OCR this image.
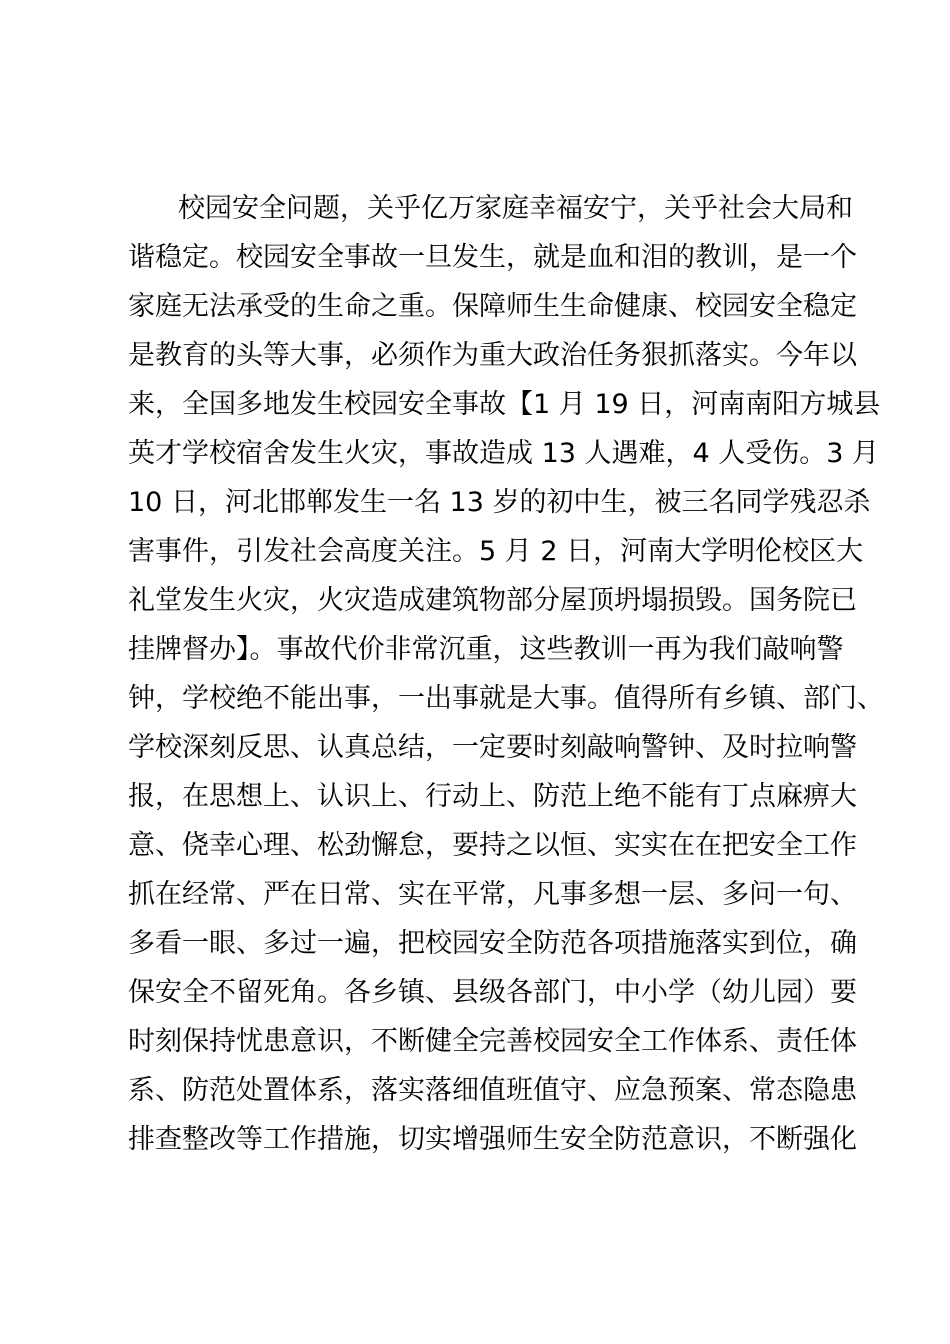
校园安全问题，关乎亿万家庭幸福安宁，关乎社会大局和
谐稳定。校园安全事故一旦发生，就是血和泪的教训，是一个
家庭无法承受的生命之重。保障师生生命健康、校园安全稳定
是教育的头等大事，必须作为重大政治任务狠抓落实。今年以
来，全国多地发生校园安全事故【1 月 19 日，河南南阳方城县
英才学校宿舍发生火灾，事故造成 13 人遇难，4 人受伤。3 月
10 日，河北邯郸发生一名 13 岁的初中生，被三名同学残忍杀
害事件，引发社会高度关注。5 月 2 日，河南大学明伦校区大
礼堂发生火灾，火灾造成建筑物部分屋顶坍塌损毁。国务院已
挂牌督办】。事故代价非常沉重，这些教训一再为我们敲响警
钟，学校绝不能出事，一出事就是大事。值得所有乡镇、部门、
学校深刻反思、认真总结，一定要时刻敲响警钟、及时拉响警
报，在思想上、认识上、行动上、防范上绝不能有丁点麻痹大
意、侥幸心理、松劲懈怠，要持之以恒、实实在在把安全工作
抓在经常、严在日常、实在平常，凡事多想一层、多问一句、
多看一眼、多过一遍，把校园安全防范各项措施落实到位，确
保安全不留死角。各乡镇、县级各部门，中小学（幼儿园）要
时刻保持忧患意识，不断健全完善校园安全工作体系、责任体
系、防范处置体系，落实落细值班值守、应急预案、常态隐患
排查整改等工作措施，切实增强师生安全防范意识，不断强化
